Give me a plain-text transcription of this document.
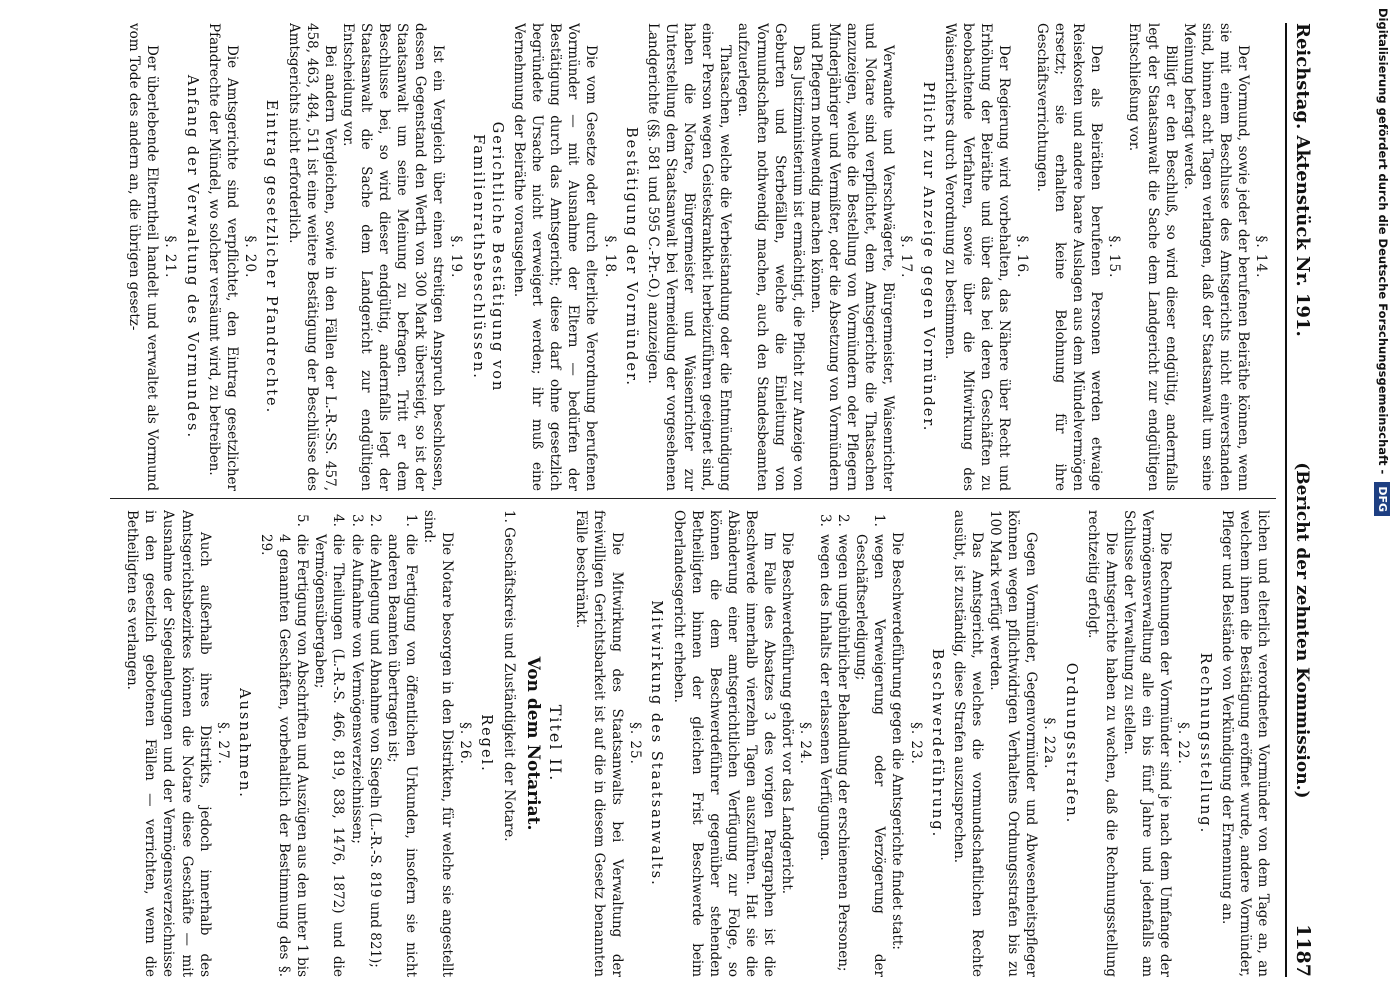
Reichstag. Aktenstück Nr. 191.
(Bericht der zehnten Kommission.)
1187

§. 14.

Der Vormund, sowie jeder der berufenen Beiräthe können, wenn sie mit einem Beschlusse des Amtsgerichts nicht einverstanden sind, binnen acht Tagen verlangen, daß der Staatsanwalt um seine Meinung befragt werde.

Billigt er den Beschluß, so wird dieser endgültig, andernfalls legt der Staatsanwalt die Sache dem Landgericht zur endgültigen Entschließung vor.

§. 15.

Den als Beiräthen berufenen Personen werden etwaige Reisekosten und andere baare Auslagen aus dem Mündelvermögen ersetzt; sie erhalten keine Belohnung für ihre Geschäftsverrichtungen.

§. 16.

Der Regierung wird vorbehalten, das Nähere über Recht und Erhöhung der Beiräthe und über das bei deren Geschäften zu beobachtende Verfahren, sowie über die Mitwirkung des Waisenrichters durch Verordnung zu bestimmen.

Pflicht zur Anzeige gegen Vormünder.

§. 17.

Verwandte und Verschwägerte, Bürgermeister, Waisenrichter und Notare sind verpflichtet, dem Amtsgerichte die Thatsachen anzuzeigen, welche die Bestellung von Vormündern oder Pflegern Minderjähriger und Vermißter, oder die Absetzung von Vormündern und Pflegern nothwendig machen können.

Das Justizministerium ist ermächtigt, die Pflicht zur Anzeige von Geburten und Sterbefällen, welche die Einleitung von Vormundschaften nothwendig machen, auch den Standesbeamten aufzuerlegen.

Thatsachen, welche die Verbeistandung oder die Entmündigung einer Person wegen Geisteskrankheit herbeizuführen geeignet sind, haben die Notare, Bürgermeister und Waisenrichter zur Unterstellung dem Staatsanwalt bei Vermeidung der vorgesehenen Landgerichte (§§. 581 und 595 C.-Pr.-O.) anzuzeigen.

Bestätigung der Vormünder.

§. 18.

Die vom Gesetze oder durch elterliche Verordnung berufenen Vormünder — mit Ausnahme der Eltern — bedürfen der Bestätigung durch das Amtsgericht; diese darf ohne gesetzlich begründete Ursache nicht verweigert werden; ihr muß eine Vernehmung der Beiräthe vorausgehen.

Gerichtliche Bestätigung von Familienrathsbeschlüssen.

§. 19.

Ist ein Vergleich über einen streitigen Anspruch beschlossen, dessen Gegenstand den Werth von 300 Mark übersteigt, so ist der Staatsanwalt um seine Meinung zu befragen. Tritt er dem Beschlusse bei, so wird dieser endgültig, andernfalls legt der Staatsanwalt die Sache dem Landgericht zur endgültigen Entscheidung vor.

Bei andern Vergleichen, sowie in den Fällen der L.-R.-SS. 457, 458, 463, 484, 511 ist eine weitere Bestätigung der Beschlüsse des Amtsgerichts nicht erforderlich.

Eintrag gesetzlicher Pfandrechte.

§. 20.

Die Amtsgerichte sind verpflichtet, den Eintrag gesetzlicher Pfandrechte der Mündel, wo solcher versäumt wird, zu betreiben.

Anfang der Verwaltung des Vormundes.

§. 21.

Der überlebende Elterntheil handelt und verwaltet als Vormund vom Tode des andern an, die übrigen gesetz-

lichen und elterlich verordneten Vormünder von dem Tage an, an welchem ihnen die Bestätigung eröffnet wurde, andere Vormünder, Pfleger und Beistände von Verkündigung der Ernennung an.

Rechnungsstellung.

§. 22.

Die Rechnungen der Vormünder sind je nach dem Umfange der Vermögensverwaltung alle ein bis fünf Jahre und jedenfalls am Schlusse der Verwaltung zu stellen.

Die Amtsgerichte haben zu wachen, daß die Rechnungsstellung rechtzeitig erfolgt.

Ordnungsstrafen.

§. 22a.

Gegen Vormünder, Gegenvormünder und Abwesenheitspfleger können wegen pflichtwidrigen Verhaltens Ordnungsstrafen bis zu 100 Mark verfügt werden.

Das Amtsgericht, welches die vormundschaftlichen Rechte ausübt, ist zuständig, diese Strafen auszusprechen.

Beschwerdeführung.

§. 23.

Die Beschwerdeführung gegen die Amtsgerichte findet statt:

1.
wegen Verweigerung oder Verzögerung der Geschäftserledigung;

2.
wegen ungebührlicher Behandlung der erschienenen Personen;

3.
wegen des Inhalts der erlassenen Verfügungen.

§. 24.

Die Beschwerdeführung gehört vor das Landgericht.

Im Falle des Absatzes 3 des vorigen Paragraphen ist die Beschwerde innerhalb vierzehn Tagen auszuführen. Hat sie die Abänderung einer amtsgerichtlichen Verfügung zur Folge, so können die dem Beschwerdeführer gegenüber stehenden Betheiligten binnen der gleichen Frist Beschwerde beim Oberlandesgericht erheben.

Mitwirkung des Staatsanwalts.

§. 25.

Die Mitwirkung des Staatsanwalts bei Verwaltung der freiwilligen Gerichtsbarkeit ist auf die in diesem Gesetz benannten Fälle beschränkt.

Titel II.

Von dem Notariat.

1. Geschäftskreis und Zuständigkeit der Notare.

Regel.

§. 26.

Die Notare besorgen in den Distrikten, für welche sie angestellt sind:

1.
die Fertigung von öffentlichen Urkunden, insofern sie nicht anderen Beamten übertragen ist;

2.
die Anlegung und Abnahme von Siegeln (L.-R.-S. 819 und 821);

3.
die Aufnahme von Vermögensverzeichnissen;

4.
die Theilungen (L.-R.-S. 466, 819, 838, 1476, 1872) und die Vermögensübergaben;

5.
die Fertigung von Abschriften und Auszügen aus den unter 1 bis 4 genannten Geschäften, vorbehaltlich der Bestimmung des §. 29.

Ausnahmen.

§. 27.

Auch außerhalb ihres Distrikts, jedoch innerhalb des Amtsgerichtsbezirkes können die Notare diese Geschäfte — mit Ausnahme der Siegelanlegungen und der Vermögensverzeichnisse in den gesetzlich gebotenen Fällen — verrichten, wenn die Betheiligten es verlangen.

Digitalisierung gefördert durch die Deutsche Forschungsgemeinschaft - DFG
